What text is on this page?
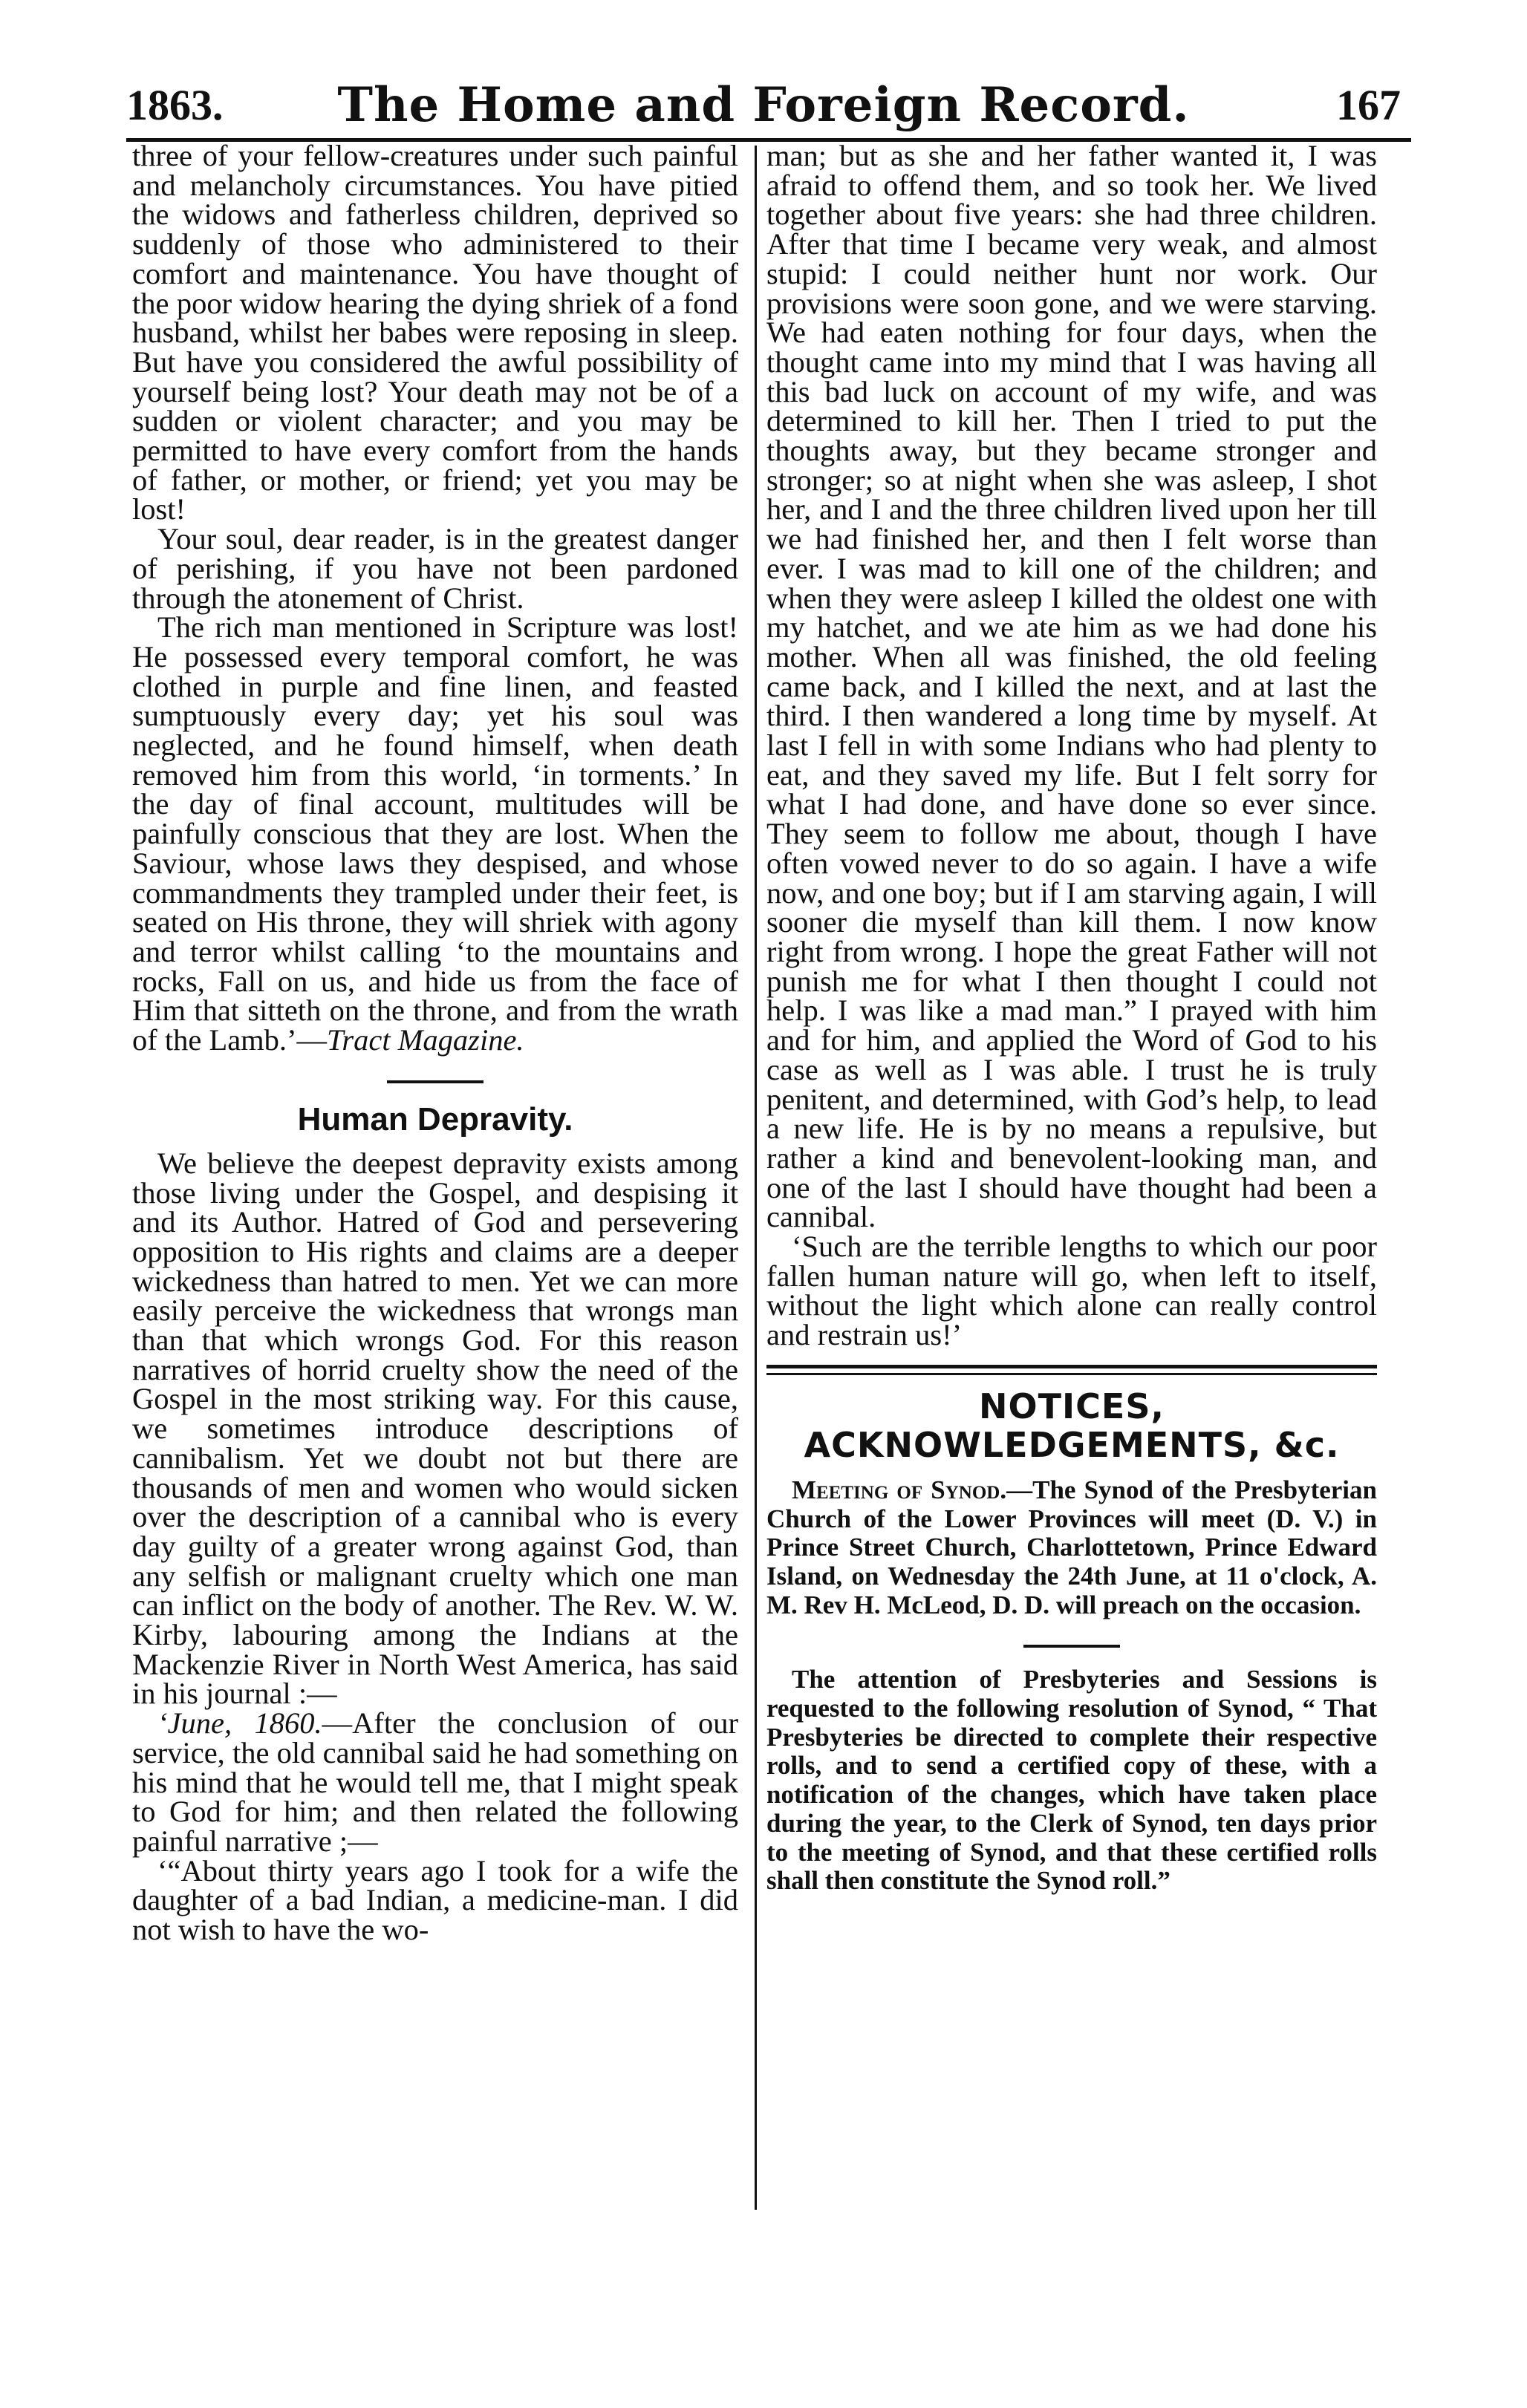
1863.	The Home and Foreign Record.	167

three of your fellow-creatures under such painful and melancholy circumstances. You have pitied the widows and fatherless children, deprived so suddenly of those who administered to their comfort and maintenance. You have thought of the poor widow hearing the dying shriek of a fond husband, whilst her babes were reposing in sleep. But have you considered the awful possibility of yourself being lost? Your death may not be of a sudden or violent character; and you may be permitted to have every comfort from the hands of father, or mother, or friend; yet you may be lost!

Your soul, dear reader, is in the greatest danger of perishing, if you have not been pardoned through the atonement of Christ.

The rich man mentioned in Scripture was lost! He possessed every temporal comfort, he was clothed in purple and fine linen, and feasted sumptuously every day; yet his soul was neglected, and he found himself, when death removed him from this world, ‘in torments.’ In the day of final account, multitudes will be painfully conscious that they are lost. When the Saviour, whose laws they despised, and whose commandments they trampled under their feet, is seated on His throne, they will shriek with agony and terror whilst calling ‘to the mountains and rocks, Fall on us, and hide us from the face of Him that sitteth on the throne, and from the wrath of the Lamb.’—Tract Magazine.

Human Depravity.

We believe the deepest depravity exists among those living under the Gospel, and despising it and its Author. Hatred of God and persevering opposition to His rights and claims are a deeper wickedness than hatred to men. Yet we can more easily perceive the wickedness that wrongs man than that which wrongs God. For this reason narratives of horrid cruelty show the need of the Gospel in the most striking way. For this cause, we sometimes introduce descriptions of cannibalism. Yet we doubt not but there are thousands of men and women who would sicken over the description of a cannibal who is every day guilty of a greater wrong against God, than any selfish or malignant cruelty which one man can inflict on the body of another. The Rev. W. W. Kirby, labouring among the Indians at the Mackenzie River in North West America, has said in his journal :—

‘June, 1860.—After the conclusion of our service, the old cannibal said he had something on his mind that he would tell me, that I might speak to God for him; and then related the following painful narrative ;—

‘“About thirty years ago I took for a wife the daughter of a bad Indian, a medicine-man. I did not wish to have the wo-

man; but as she and her father wanted it, I was afraid to offend them, and so took her. We lived together about five years: she had three children. After that time I became very weak, and almost stupid: I could neither hunt nor work. Our provisions were soon gone, and we were starving. We had eaten nothing for four days, when the thought came into my mind that I was having all this bad luck on account of my wife, and was determined to kill her. Then I tried to put the thoughts away, but they became stronger and stronger; so at night when she was asleep, I shot her, and I and the three children lived upon her till we had finished her, and then I felt worse than ever. I was mad to kill one of the children; and when they were asleep I killed the oldest one with my hatchet, and we ate him as we had done his mother. When all was finished, the old feeling came back, and I killed the next, and at last the third. I then wandered a long time by myself. At last I fell in with some Indians who had plenty to eat, and they saved my life. But I felt sorry for what I had done, and have done so ever since. They seem to follow me about, though I have often vowed never to do so again. I have a wife now, and one boy; but if I am starving again, I will sooner die myself than kill them. I now know right from wrong. I hope the great Father will not punish me for what I then thought I could not help. I was like a mad man.” I prayed with him and for him, and applied the Word of God to his case as well as I was able. I trust he is truly penitent, and determined, with God’s help, to lead a new life. He is by no means a repulsive, but rather a kind and benevolent-looking man, and one of the last I should have thought had been a cannibal.

‘Such are the terrible lengths to which our poor fallen human nature will go, when left to itself, without the light which alone can really control and restrain us!’

NOTICES, ACKNOWLEDGEMENTS, &c.

Meeting of Synod.—The Synod of the Presbyterian Church of the Lower Provinces will meet (D. V.) in Prince Street Church, Charlottetown, Prince Edward Island, on Wednesday the 24th June, at 11 o'clock, A. M. Rev H. McLeod, D. D. will preach on the occasion.

The attention of Presbyteries and Sessions is requested to the following resolution of Synod, “ That Presbyteries be directed to complete their respective rolls, and to send a certified copy of these, with a notification of the changes, which have taken place during the year, to the Clerk of Synod, ten days prior to the meeting of Synod, and that these certified rolls shall then constitute the Synod roll.”
